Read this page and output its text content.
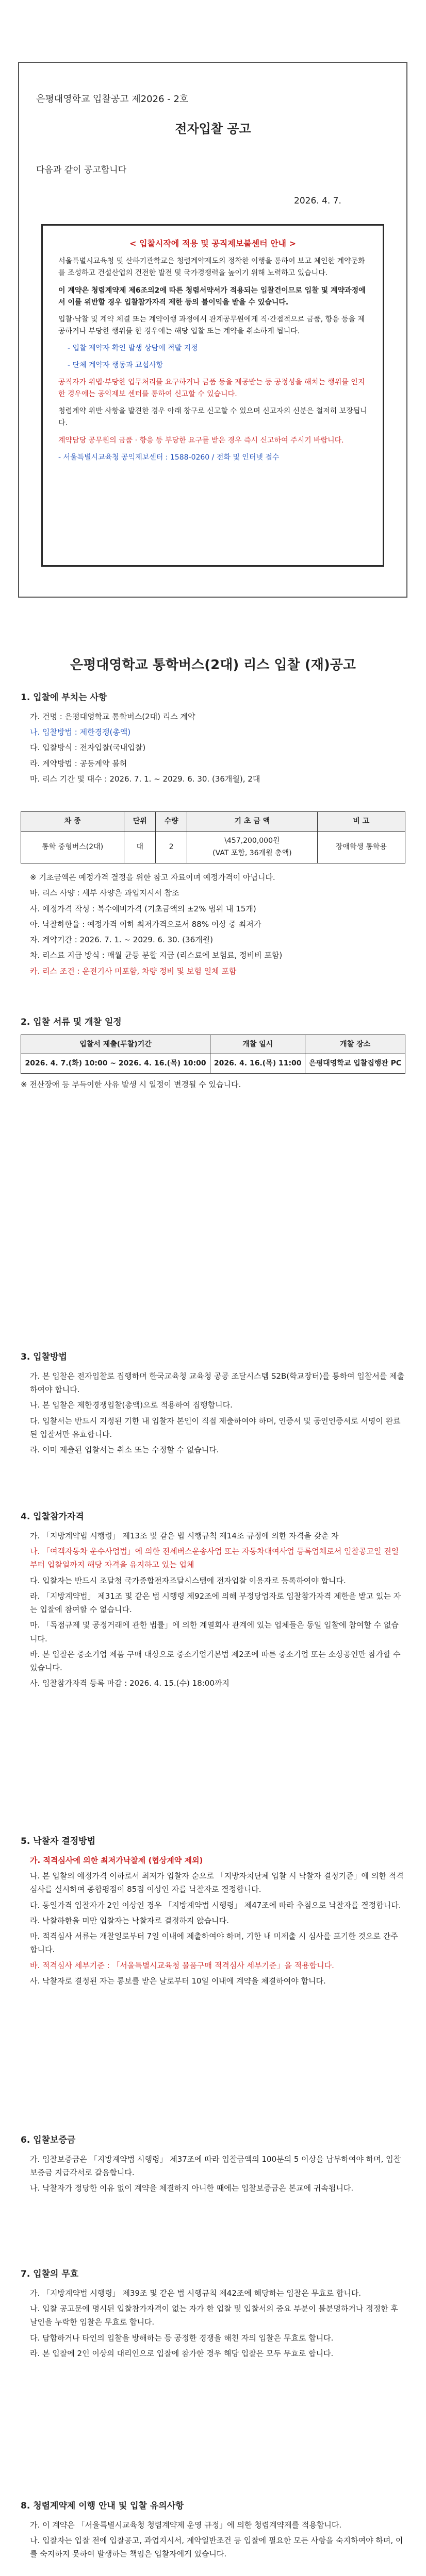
은평대영학교 입찰공고 제2026 - 2호
전자입찰 공고
다음과 같이 공고합니다
2026. 4. 7.
< 입찰시작에 적용 및 공직제보불센터 안내 >

서울특별시교육청 및 산하기관학교은 청렴계약제도의 정착한 이행을 통하여 보고 체인한 계약문화를 조성하고 건설산업의 건전한 발전 및 국가경쟁력을 높이기 위해 노력하고 있습니다.

이 계약은 청렴계약제 제6조의2에 따른 청렴서약서가 적용되는 입찰건이므로 입찰 및 계약과정에서 이를 위반할 경우 입찰참가자격 제한 등의 불이익을 받을 수 있습니다.

입찰·낙찰 및 계약 체결 또는 계약이행 과정에서 관계공무원에게 직·간접적으로 금품, 향응 등을 제공하거나 부당한 행위를 한 경우에는 해당 입찰 또는 계약을 취소하게 됩니다.

- 입찰 제약자 확인 발생 상담에 적발 지정

- 단체 계약자 행동과 교섭사항

공직자가 위법·부당한 업무처리를 요구하거나 금품 등을 제공받는 등 공정성을 해치는 행위를 인지한 경우에는 공익제보 센터를 통하여 신고할 수 있습니다.

청렴계약 위반 사항을 발견한 경우 아래 창구로 신고할 수 있으며 신고자의 신분은 철저히 보장됩니다.

계약담당 공무원의 금품 · 향응 등 부당한 요구를 받은 경우 즉시 신고하여 주시기 바랍니다.

- 서울특별시교육청 공익제보센터 : 1588-0260 / 전화 및 인터넷 접수

은평대영학교 통학버스(2대) 리스 입찰 (재)공고
1. 입찰에 부치는 사항

가. 건명 : 은평대영학교 통학버스(2대) 리스 계약

나. 입찰방법 : 제한경쟁(총액)

다. 입찰방식 : 전자입찰(국내입찰)

라. 계약방법 : 공동계약 불허

마. 리스 기간 및 대수 : 2026. 7. 1. ~ 2029. 6. 30. (36개월), 2대

차 종	단위	수량	기 초 금 액	비 고
통학 중형버스(2대)	대	2	\457,200,000원
(VAT 포함, 36개월 총액)	장애학생 통학용

※ 기초금액은 예정가격 결정을 위한 참고 자료이며 예정가격이 아닙니다.

바. 리스 사양 : 세부 사양은 과업지시서 참조

사. 예정가격 작성 : 복수예비가격 (기초금액의 ±2% 범위 내 15개)

아. 낙찰하한율 : 예정가격 이하 최저가격으로서 88% 이상 중 최저가

자. 계약기간 : 2026. 7. 1. ~ 2029. 6. 30. (36개월)

차. 리스료 지급 방식 : 매월 균등 분할 지급 (리스료에 보험료, 정비비 포함)

카. 리스 조건 : 운전기사 미포함, 차량 정비 및 보험 일체 포함

2. 입찰 서류 및 개찰 일정
입찰서 제출(투찰)기간	개찰 일시	개찰 장소
2026. 4. 7.(화) 10:00 ~ 2026. 4. 16.(목) 10:00	2026. 4. 16.(목) 11:00	은평대영학교 입찰집행관 PC

※ 전산장애 등 부득이한 사유 발생 시 일정이 변경될 수 있습니다.

3. 입찰방법

가. 본 입찰은 전자입찰로 집행하며 한국교육청 교육청 공공 조달시스템 S2B(학교장터)를 통하여 입찰서를 제출하여야 합니다.

나. 본 입찰은 제한경쟁입찰(총액)으로 적용하여 집행합니다.

다. 입찰서는 반드시 지정된 기한 내 입찰자 본인이 직접 제출하여야 하며, 인증서 및 공인인증서로 서명이 완료된 입찰서만 유효합니다.

라. 이미 제출된 입찰서는 취소 또는 수정할 수 없습니다.

4. 입찰참가자격

가. 「지방계약법 시행령」 제13조 및 같은 법 시행규칙 제14조 규정에 의한 자격을 갖춘 자

나. 「여객자동차 운수사업법」에 의한 전세버스운송사업 또는 자동차대여사업 등록업체로서 입찰공고일 전일부터 입찰일까지 해당 자격을 유지하고 있는 업체

다. 입찰자는 반드시 조달청 국가종합전자조달시스템에 전자입찰 이용자로 등록하여야 합니다.

라. 「지방계약법」 제31조 및 같은 법 시행령 제92조에 의해 부정당업자로 입찰참가자격 제한을 받고 있는 자는 입찰에 참여할 수 없습니다.

마. 「독점규제 및 공정거래에 관한 법률」에 의한 계열회사 관계에 있는 업체들은 동일 입찰에 참여할 수 없습니다.

바. 본 입찰은 중소기업 제품 구매 대상으로 중소기업기본법 제2조에 따른 중소기업 또는 소상공인만 참가할 수 있습니다.

사. 입찰참가자격 등록 마감 : 2026. 4. 15.(수) 18:00까지

5. 낙찰자 결정방법

가. 적격심사에 의한 최저가낙찰제 (협상계약 제외)

나. 본 입찰의 예정가격 이하로서 최저가 입찰자 순으로 「지방자치단체 입찰 시 낙찰자 결정기준」에 의한 적격심사를 실시하여 종합평점이 85점 이상인 자를 낙찰자로 결정합니다.

다. 동일가격 입찰자가 2인 이상인 경우 「지방계약법 시행령」 제47조에 따라 추첨으로 낙찰자를 결정합니다.

라. 낙찰하한율 미만 입찰자는 낙찰자로 결정하지 않습니다.

마. 적격심사 서류는 개찰일로부터 7일 이내에 제출하여야 하며, 기한 내 미제출 시 심사를 포기한 것으로 간주합니다.

바. 적격심사 세부기준 : 「서울특별시교육청 물품구매 적격심사 세부기준」을 적용합니다.

사. 낙찰자로 결정된 자는 통보를 받은 날로부터 10일 이내에 계약을 체결하여야 합니다.

6. 입찰보증금

가. 입찰보증금은 「지방계약법 시행령」 제37조에 따라 입찰금액의 100분의 5 이상을 납부하여야 하며, 입찰보증금 지급각서로 갈음합니다.

나. 낙찰자가 정당한 이유 없이 계약을 체결하지 아니한 때에는 입찰보증금은 본교에 귀속됩니다.

7. 입찰의 무효

가. 「지방계약법 시행령」 제39조 및 같은 법 시행규칙 제42조에 해당하는 입찰은 무효로 합니다.

나. 입찰 공고문에 명시된 입찰참가자격이 없는 자가 한 입찰 및 입찰서의 중요 부분이 불분명하거나 정정한 후 날인을 누락한 입찰은 무효로 합니다.

다. 담합하거나 타인의 입찰을 방해하는 등 공정한 경쟁을 해친 자의 입찰은 무효로 합니다.

라. 본 입찰에 2인 이상의 대리인으로 입찰에 참가한 경우 해당 입찰은 모두 무효로 합니다.

8. 청렴계약제 이행 안내 및 입찰 유의사항

가. 이 계약은 「서울특별시교육청 청렴계약제 운영 규정」에 의한 청렴계약제를 적용합니다.

나. 입찰자는 입찰 전에 입찰공고, 과업지시서, 계약일반조건 등 입찰에 필요한 모든 사항을 숙지하여야 하며, 이를 숙지하지 못하여 발생하는 책임은 입찰자에게 있습니다.
